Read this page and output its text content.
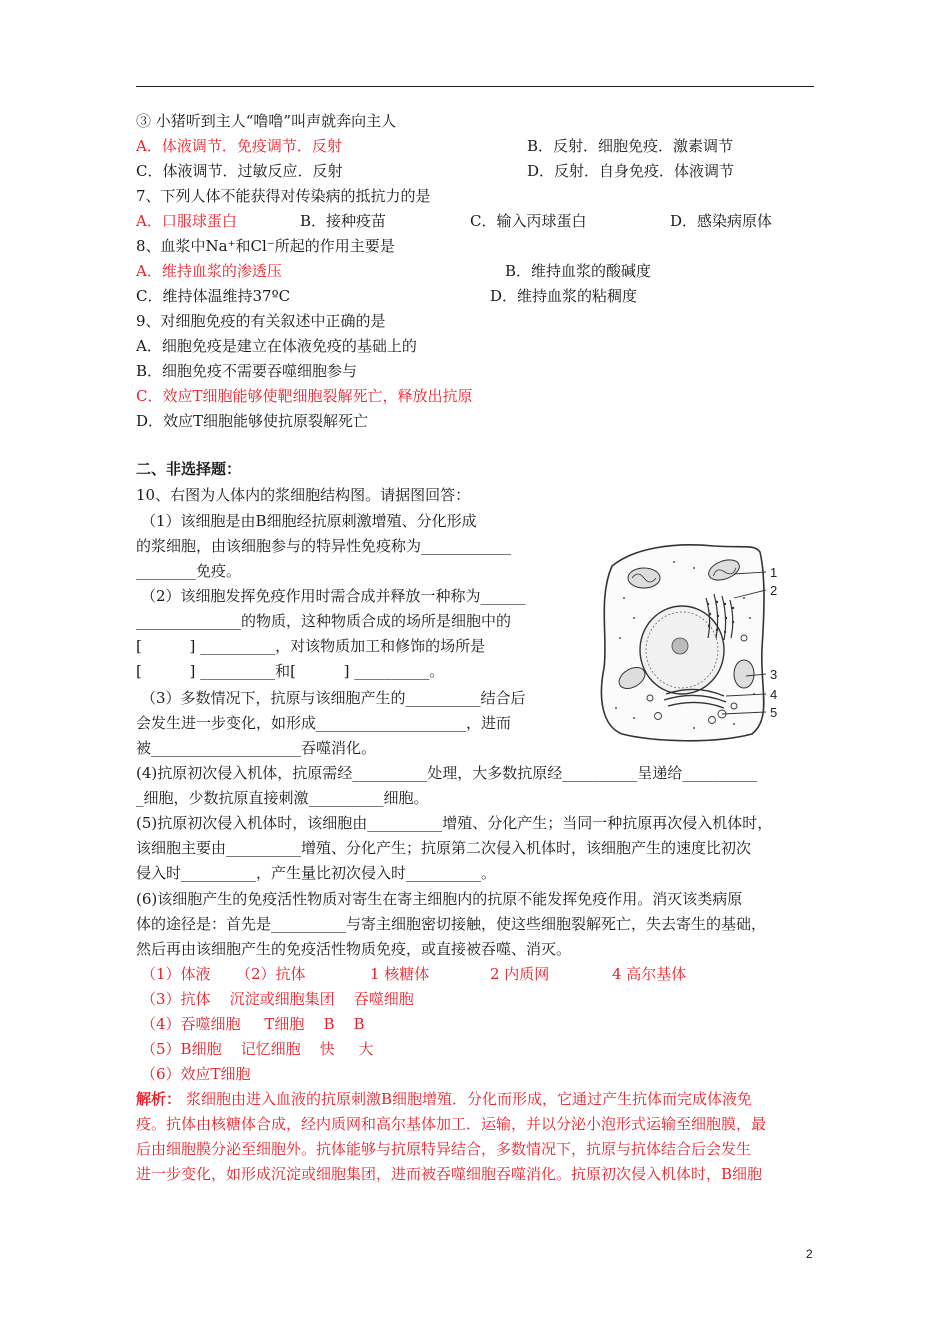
③ 小猪听到主人“噜噜”叫声就奔向主人
A．体液调节．免疫调节．反射	B．反射．细胞免疫．激素调节
C．体液调节．过敏反应．反射	D．反射．自身免疫．体液调节
7、下列人体不能获得对传染病的抵抗力的是
A．口服球蛋白	B．接种疫苗	C．输入丙球蛋白	D．感染病原体
8、血浆中Na⁺和Cl⁻所起的作用主要是
A．维持血浆的渗透压	B．维持血浆的酸碱度
C．维持体温维持37ºC	D．维持血浆的粘稠度
9、对细胞免疫的有关叙述中正确的是
A．细胞免疫是建立在体液免疫的基础上的
B．细胞免疫不需要吞噬细胞参与
C．效应T细胞能够使靶细胞裂解死亡，释放出抗原
D．效应T细胞能够使抗原裂解死亡
二、非选择题：
10、右图为人体内的浆细胞结构图。请据图回答：
（1）该细胞是由B细胞经抗原刺激增殖、分化形成
的浆细胞，由该细胞参与的特异性免疫称为____________
________免疫。
（2）该细胞发挥免疫作用时需合成并释放一种称为______
______________的物质，这种物质合成的场所是细胞中的
[          ] __________，对该物质加工和修饰的场所是
[          ] __________和[          ] __________。
（3）多数情况下，抗原与该细胞产生的__________结合后
会发生进一步变化，如形成____________________，进而
被____________________吞噬消化。
(4)抗原初次侵入机体，抗原需经__________处理，大多数抗原经__________呈递给__________
_细胞，少数抗原直接刺激__________细胞。
(5)抗原初次侵入机体时，该细胞由__________增殖、分化产生；当同一种抗原再次侵入机体时，
该细胞主要由__________增殖、分化产生；抗原第二次侵入机体时，该细胞产生的速度比初次
侵入时__________，产生量比初次侵入时__________。
(6)该细胞产生的免疫活性物质对寄生在寄主细胞内的抗原不能发挥免疫作用。消灭该类病原
体的途径是：首先是__________与寄主细胞密切接触，使这些细胞裂解死亡，失去寄生的基础，
然后再由该细胞产生的免疫活性物质免疫，或直接被吞噬、消灭。
（1）体液 （2）抗体	1 核糖体	2 内质网	4 高尔基体
（3）抗体    沉淀或细胞集团    吞噬细胞
（4）吞噬细胞     T细胞    B    B
（5）B细胞    记忆细胞    快     大
（6）效应T细胞
解析： 浆细胞由进入血液的抗原刺激B细胞增殖．分化而形成，它通过产生抗体而完成体液免
疫。抗体由核糖体合成，经内质网和高尔基体加工．运输，并以分泌小泡形式运输至细胞膜，最
后由细胞膜分泌至细胞外。抗体能够与抗原特异结合，多数情况下，抗原与抗体结合后会发生
进一步变化，如形成沉淀或细胞集团，进而被吞噬细胞吞噬消化。抗原初次侵入机体时，B细胞
1
2
3
4
5
2
